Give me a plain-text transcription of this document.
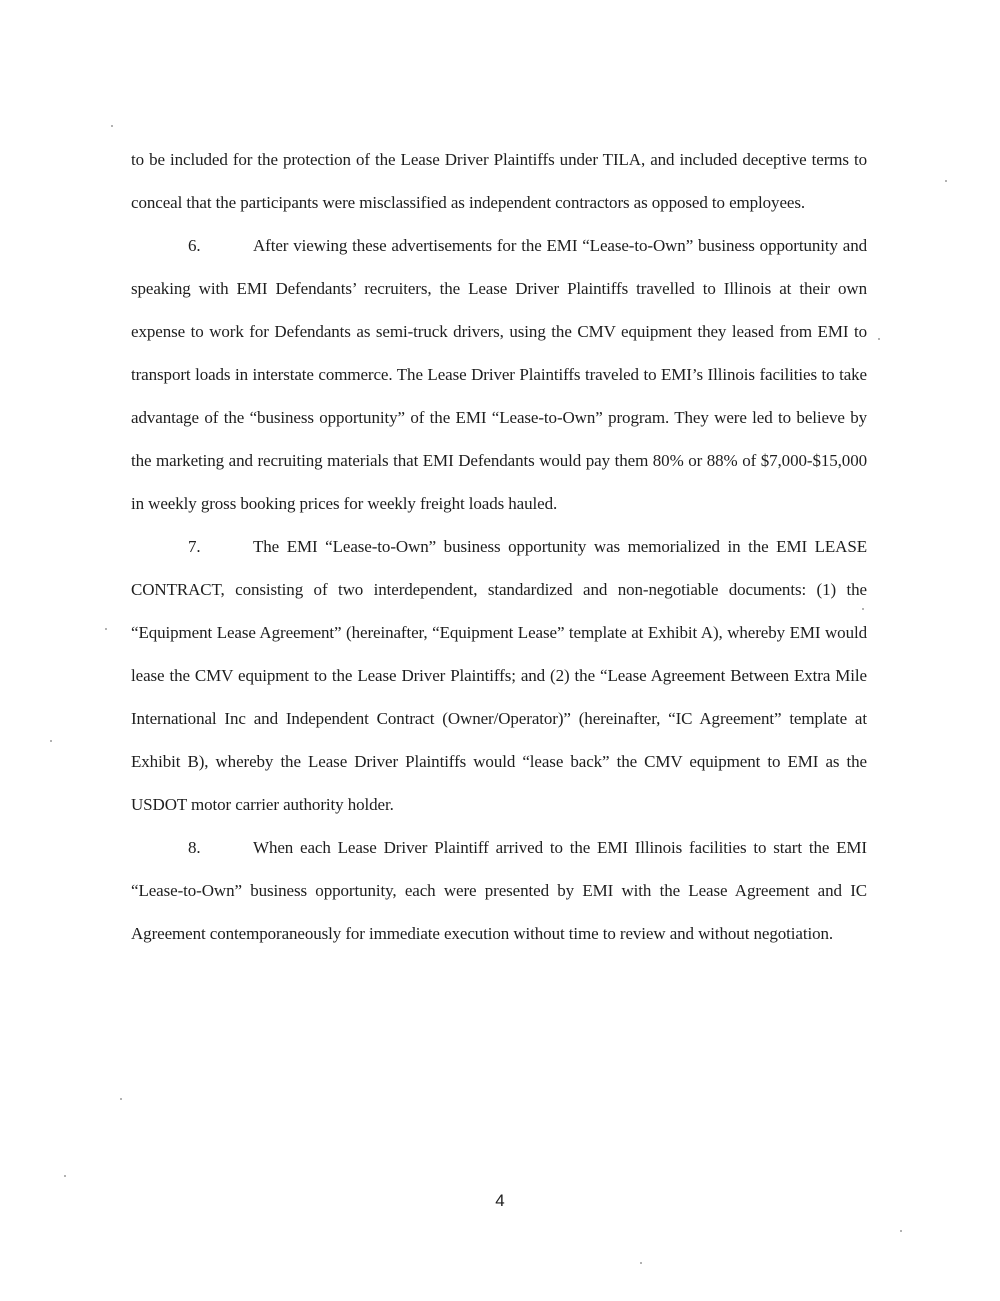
to be included for the protection of the Lease Driver Plaintiffs under TILA, and included deceptive terms to conceal that the participants were misclassified as independent contractors as opposed to employees.

6.	After viewing these advertisements for the EMI “Lease-to-Own” business opportunity and speaking with EMI Defendants’ recruiters, the Lease Driver Plaintiffs travelled to Illinois at their own expense to work for Defendants as semi-truck drivers, using the CMV equipment they leased from EMI to transport loads in interstate commerce. The Lease Driver Plaintiffs traveled to EMI’s Illinois facilities to take advantage of the “business opportunity” of the EMI “Lease-to-Own” program. They were led to believe by the marketing and recruiting materials that EMI Defendants would pay them 80% or 88% of $7,000-$15,000 in weekly gross booking prices for weekly freight loads hauled.

7.	The EMI “Lease-to-Own” business opportunity was memorialized in the EMI LEASE CONTRACT, consisting of two interdependent, standardized and non-negotiable documents: (1) the “Equipment Lease Agreement” (hereinafter, “Equipment Lease” template at Exhibit A), whereby EMI would lease the CMV equipment to the Lease Driver Plaintiffs; and (2) the “Lease Agreement Between Extra Mile International Inc and Independent Contract (Owner/Operator)” (hereinafter, “IC Agreement” template at Exhibit B), whereby the Lease Driver Plaintiffs would “lease back” the CMV equipment to EMI as the USDOT motor carrier authority holder.

8.	When each Lease Driver Plaintiff arrived to the EMI Illinois facilities to start the EMI “Lease-to-Own” business opportunity, each were presented by EMI with the Lease Agreement and IC Agreement contemporaneously for immediate execution without time to review and without negotiation.

4
